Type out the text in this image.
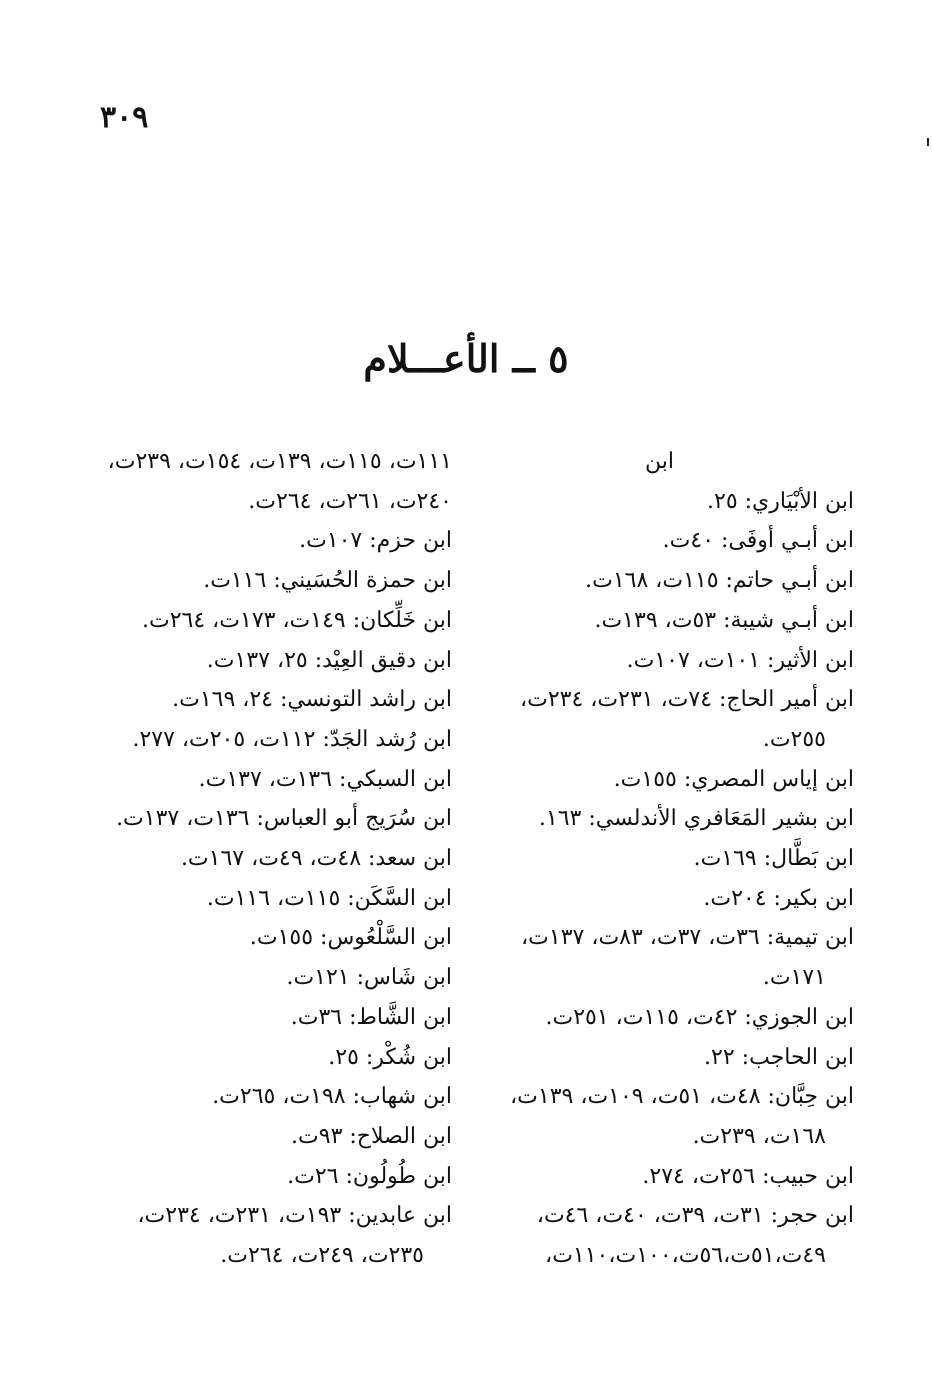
٣٠٩
٥ ــ الأعـــلام
ابن
ابن الأبْيَاري: ٢٥.
ابن أبـي أوفَى: ٤٠ت.
ابن أبـي حاتم: ١١٥ت، ١٦٨ت.
ابن أبـي شيبة: ٥٣ت، ١٣٩ت.
ابن الأثير: ١٠١ت، ١٠٧ت.
ابن أمير الحاج: ٧٤ت، ٢٣١ت، ٢٣٤ت، ٢٥٥ت.
ابن إياس المصري: ١٥٥ت.
ابن بشير المَعَافري الأندلسي: ١٦٣.
ابن بَطَّال: ١٦٩ت.
ابن بكير: ٢٠٤ت.
ابن تيمية: ٣٦ت، ٣٧ت، ٨٣ت، ١٣٧ت، ١٧١ت.
ابن الجوزي: ٤٢ت، ١١٥ت، ٢٥١ت.
ابن الحاجب: ٢٢.
ابن حِبَّان: ٤٨ت، ٥١ت، ١٠٩ت، ١٣٩ت، ١٦٨ت، ٢٣٩ت.
ابن حبيب: ٢٥٦ت، ٢٧٤.
ابن حجر: ٣١ت، ٣٩ت، ٤٠ت، ٤٦ت، ٤٩ت،٥١ت،٥٦ت،١٠٠ت،١١٠ت،
١١١ت، ١١٥ت، ١٣٩ت، ١٥٤ت، ٢٣٩ت، ٢٤٠ت، ٢٦١ت، ٢٦٤ت.
ابن حزم: ١٠٧ت.
ابن حمزة الحُسَيني: ١١٦ت.
ابن خَلِّكان: ١٤٩ت، ١٧٣ت، ٢٦٤ت.
ابن دقيق العِيْد: ٢٥، ١٣٧ت.
ابن راشد التونسي: ٢٤، ١٦٩ت.
ابن رُشد الجَدّ: ١١٢ت، ٢٠٥ت، ٢٧٧.
ابن السبكي: ١٣٦ت، ١٣٧ت.
ابن سُرَيج أبو العباس: ١٣٦ت، ١٣٧ت.
ابن سعد: ٤٨ت، ٤٩ت، ١٦٧ت.
ابن السَّكَن: ١١٥ت، ١١٦ت.
ابن السَّلْعُوس: ١٥٥ت.
ابن شَاس: ١٢١ت.
ابن الشَّاط: ٣٦ت.
ابن شُكْر: ٢٥.
ابن شهاب: ١٩٨ت، ٢٦٥ت.
ابن الصلاح: ٩٣ت.
ابن طُولُون: ٢٦ت.
ابن عابدين: ١٩٣ت، ٢٣١ت، ٢٣٤ت، ٢٣٥ت، ٢٤٩ت، ٢٦٤ت.
